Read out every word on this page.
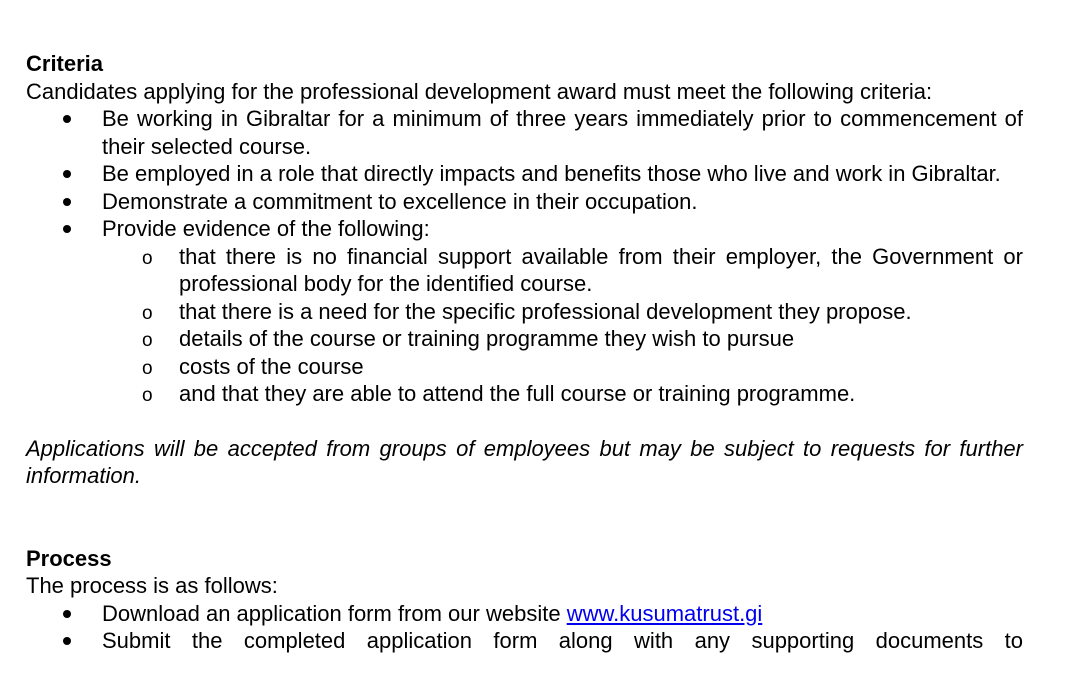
Criteria
Candidates applying for the professional development award must meet the following criteria:
Be working in Gibraltar for a minimum of three years immediately prior to commencement of their selected course.
Be employed in a role that directly impacts and benefits those who live and work in Gibraltar.
Demonstrate a commitment to excellence in their occupation.
Provide evidence of the following:
o that there is no financial support available from their employer, the Government or professional body for the identified course.
o that there is a need for the specific professional development they propose.
o details of the course or training programme they wish to pursue
o costs of the course
o and that they are able to attend the full course or training programme.
Applications will be accepted from groups of employees but may be subject to requests for further information.
Process
The process is as follows:
Download an application form from our website www.kusumatrust.gi
Submit the completed application form along with any supporting documents to
